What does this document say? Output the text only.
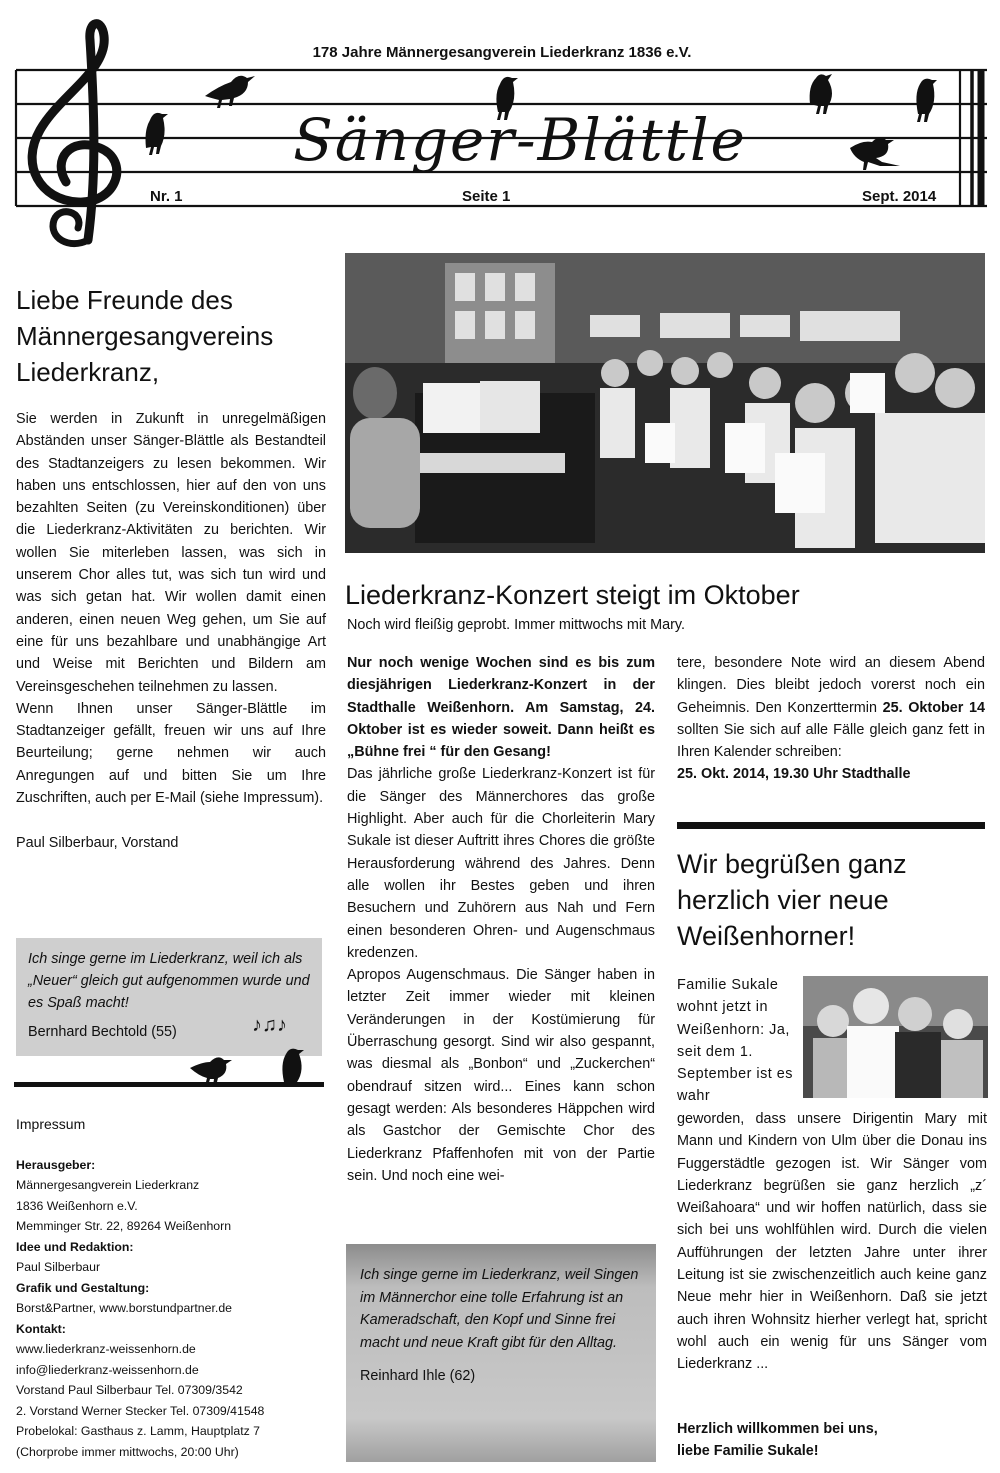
178 Jahre Männergesangverein Liederkranz 1836 e.V.
Sänger-Blättle
Nr. 1	Seite 1	Sept. 2014
Liebe Freunde des Männergesangvereins Liederkranz,

Sie werden in Zukunft in unregelmäßigen Abständen unser Sänger-Blättle als Bestandteil des Stadtanzeigers zu lesen bekommen. Wir haben uns entschlossen, hier auf den von uns bezahlten Seiten (zu Vereinskonditionen) über die Liederkranz-Aktivitäten zu berichten. Wir wollen Sie miterleben lassen, was sich in unserem Chor alles tut, was sich tun wird und was sich getan hat. Wir wollen damit einen anderen, einen neuen Weg gehen, um Sie auf eine für uns bezahlbare und unabhängige Art und Weise mit Berichten und Bildern am Vereinsgeschehen teilnehmen zu lassen.

Wenn Ihnen unser Sänger-Blättle im Stadtanzeiger gefällt, freuen wir uns auf Ihre Beurteilung; gerne nehmen wir auch Anregungen auf und bitten Sie um Ihre Zuschriften, auch per E-Mail (siehe Impressum).

Paul Silberbaur, Vorstand

Ich singe gerne im Liederkranz, weil ich als „Neuer“ gleich gut aufgenommen wurde und es Spaß macht!

Bernhard Bechtold (55)	♪♫♪
Impressum
Herausgeber:
Männergesangverein Liederkranz
1836 Weißenhorn e.V.
Memminger Str. 22, 89264 Weißenhorn
Idee und Redaktion:
Paul Silberbaur
Grafik und Gestaltung:
Borst&Partner, www.borstundpartner.de
Kontakt:
www.liederkranz-weissenhorn.de
info@liederkranz-weissenhorn.de
Vorstand Paul Silberbaur Tel. 07309/3542
2. Vorstand Werner Stecker Tel. 07309/41548
Probelokal: Gasthaus z. Lamm, Hauptplatz 7
(Chorprobe immer mittwochs, 20:00 Uhr)
Liederkranz-Konzert steigt im Oktober

Noch wird fleißig geprobt. Immer mittwochs mit Mary.

Nur noch wenige Wochen sind es bis zum diesjährigen Liederkranz-Konzert in der Stadthalle Weißenhorn. Am Samstag, 24. Oktober ist es wieder soweit. Dann heißt es „Bühne frei “ für den Gesang!

Das jährliche große Liederkranz-Konzert ist für die Sänger des Männerchores das große Highlight. Aber auch für die Chorleiterin Mary Sukale ist dieser Auftritt ihres Chores die größte Herausforderung während des Jahres. Denn alle wollen ihr Bestes geben und ihren Besuchern und Zuhörern aus Nah und Fern einen besonderen Ohren- und Augenschmaus kredenzen.

Apropos Augenschmaus. Die Sänger haben in letzter Zeit immer wieder mit kleinen Veränderungen in der Kostümierung für Überraschung gesorgt. Sind wir also gespannt, was diesmal als „Bonbon“ und „Zuckerchen“ obendrauf sitzen wird... Eines kann schon gesagt werden: Als besonderes Häppchen wird als Gastchor der Gemischte Chor des Liederkranz Pfaffenhofen mit von der Partie sein. Und noch eine wei-

tere, besondere Note wird an diesem Abend klingen. Dies bleibt jedoch vorerst noch ein Geheimnis. Den Konzerttermin 25. Oktober 14 sollten Sie sich auf alle Fälle gleich ganz fett in Ihren Kalender schreiben:

25. Okt. 2014, 19.30 Uhr Stadthalle

Ich singe gerne im Liederkranz, weil Singen im Männerchor eine tolle Erfahrung ist an Kameradschaft, den Kopf und Sinne frei macht und neue Kraft gibt für den Alltag.

Reinhard Ihle (62)

Wir begrüßen ganz herzlich vier neue Weißenhorner!

Familie Sukale wohnt jetzt in Weißenhorn: Ja, seit dem 1. September ist es wahr

geworden, dass unsere Dirigentin Mary mit Mann und Kindern von Ulm über die Donau ins Fuggerstädtle gezogen ist. Wir Sänger vom Liederkranz begrüßen sie ganz herzlich „z´ Weißahoara“ und wir hoffen natürlich, dass sie sich bei uns wohlfühlen wird. Durch die vielen Aufführungen der letzten Jahre unter ihrer Leitung ist sie zwischenzeitlich auch keine ganz Neue mehr hier in Weißenhorn. Daß sie jetzt auch ihren Wohnsitz hierher verlegt hat, spricht wohl auch ein wenig für uns Sänger vom Liederkranz ...

Herzlich willkommen bei uns,
liebe Familie Sukale!
